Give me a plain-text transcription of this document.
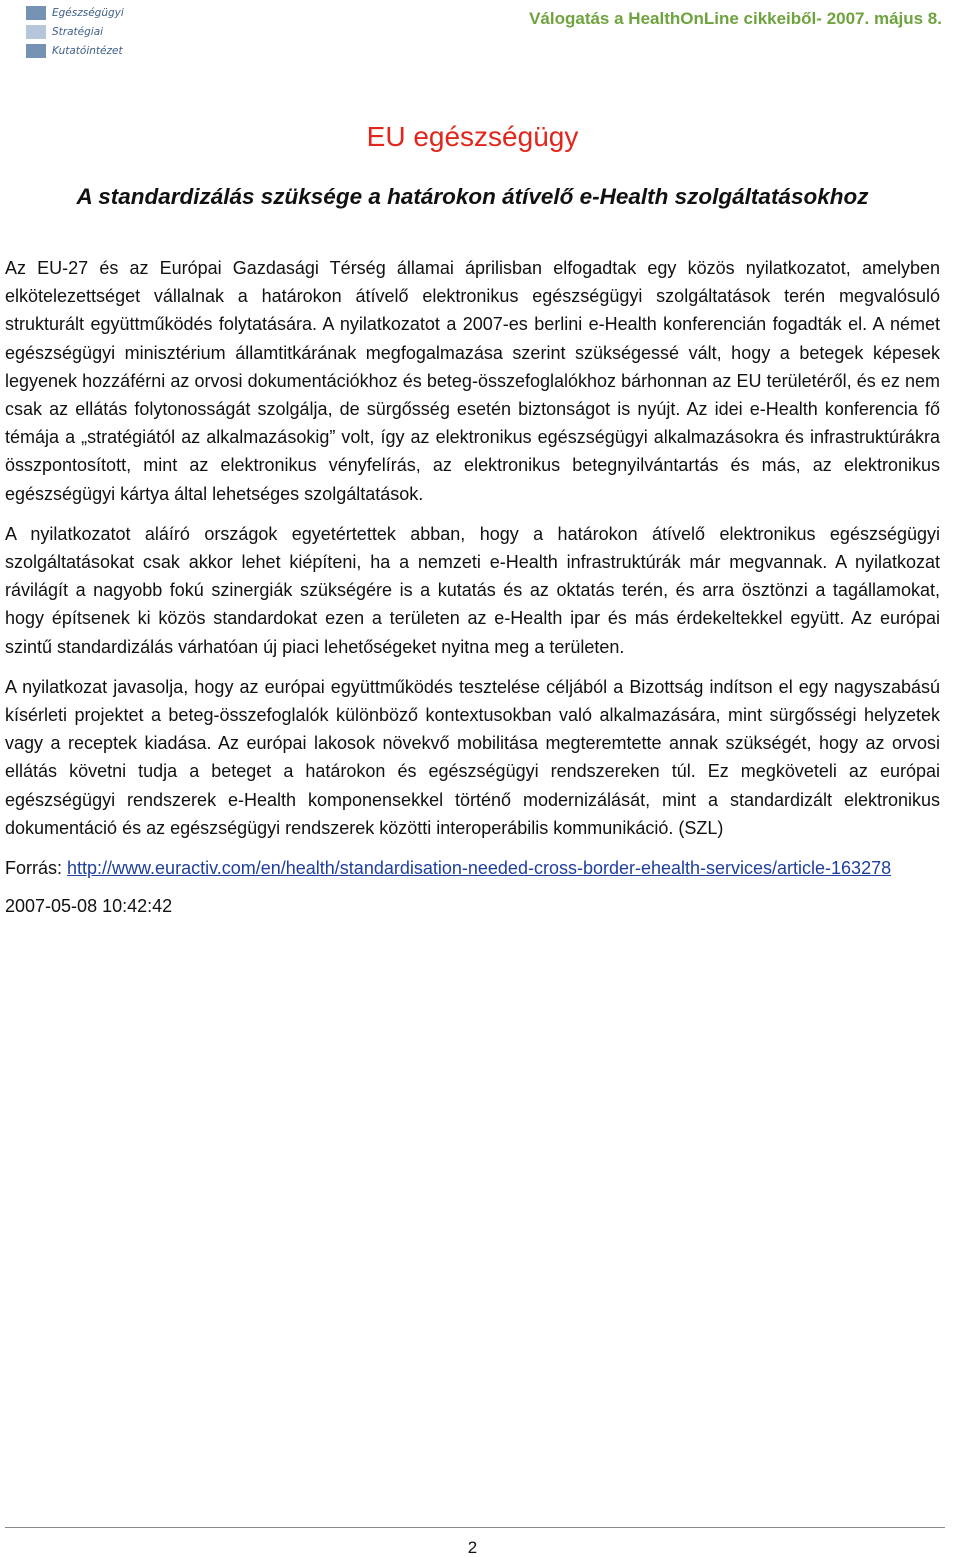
Egészségügyi
Stratégiai
Kutatóintézet
Válogatás a HealthOnLine cikkeiből- 2007. május 8.
EU egészségügy
A standardizálás szüksége a határokon átívelő e-Health szolgáltatásokhoz

Az EU-27 és az Európai Gazdasági Térség államai áprilisban elfogadtak egy közös nyilatkozatot, amelyben elkötelezettséget vállalnak a határokon átívelő elektronikus egészségügyi szolgáltatások terén megvalósuló strukturált együttműködés folytatására. A nyilatkozatot a 2007-es berlini e-Health konferencián fogadták el. A német egészségügyi minisztérium államtitkárának megfogalmazása szerint szükségessé vált, hogy a betegek képesek legyenek hozzáférni az orvosi dokumentációkhoz és beteg-összefoglalókhoz bárhonnan az EU területéről, és ez nem csak az ellátás folytonosságát szolgálja, de sürgősség esetén biztonságot is nyújt. Az idei e-Health konferencia fő témája a „stratégiától az alkalmazásokig” volt, így az elektronikus egészségügyi alkalmazásokra és infrastruktúrákra összpontosított, mint az elektronikus vényfelírás, az elektronikus betegnyilvántartás és más, az elektronikus egészségügyi kártya által lehetséges szolgáltatások.

A nyilatkozatot aláíró országok egyetértettek abban, hogy a határokon átívelő elektronikus egészségügyi szolgáltatásokat csak akkor lehet kiépíteni, ha a nemzeti e-Health infrastruktúrák már megvannak. A nyilatkozat rávilágít a nagyobb fokú szinergiák szükségére is a kutatás és az oktatás terén, és arra ösztönzi a tagállamokat, hogy építsenek ki közös standardokat ezen a területen az e-Health ipar és más érdekeltekkel együtt. Az európai szintű standardizálás várhatóan új piaci lehetőségeket nyitna meg a területen.

A nyilatkozat javasolja, hogy az európai együttműködés tesztelése céljából a Bizottság indítson el egy nagyszabású kísérleti projektet a beteg-összefoglalók különböző kontextusokban való alkalmazására, mint sürgősségi helyzetek vagy a receptek kiadása. Az európai lakosok növekvő mobilitása megteremtette annak szükségét, hogy az orvosi ellátás követni tudja a beteget a határokon és egészségügyi rendszereken túl. Ez megköveteli az európai egészségügyi rendszerek e-Health komponensekkel történő modernizálását, mint a standardizált elektronikus dokumentáció és az egészségügyi rendszerek közötti interoperábilis kommunikáció. (SZL)

Forrás: http://www.euractiv.com/en/health/standardisation-needed-cross-border-ehealth-services/article-163278
2007-05-08 10:42:42
2
